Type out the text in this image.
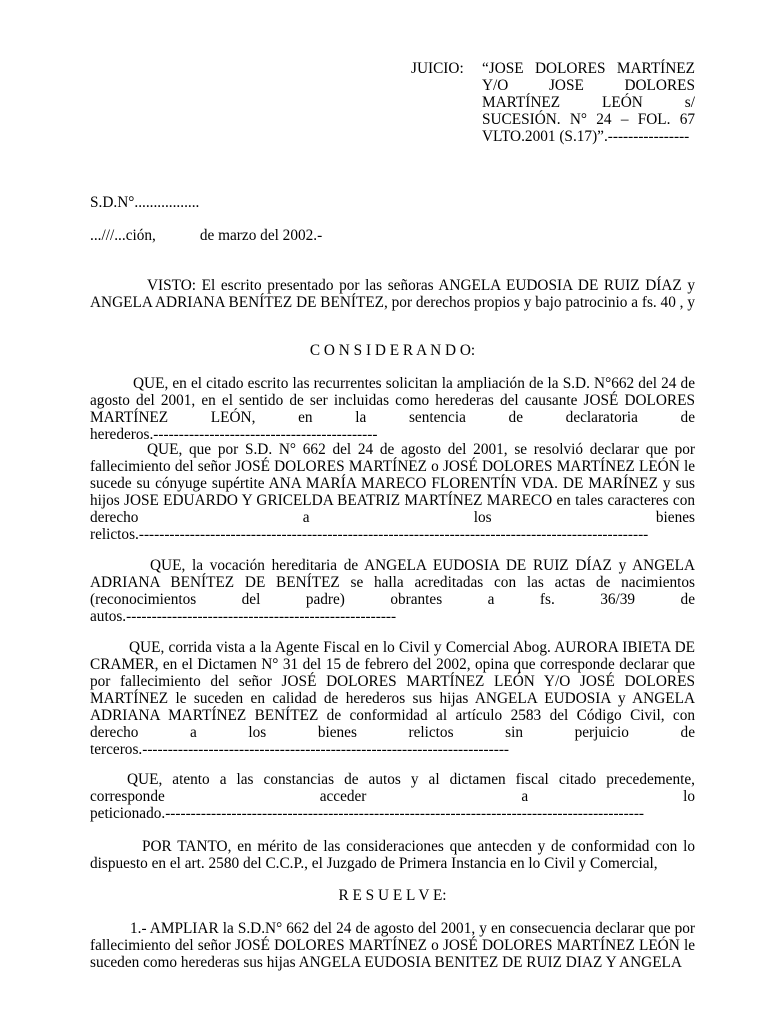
JUICIO: “JOSE DOLORES MARTÍNEZ Y/O JOSE DOLORES MARTÍNEZ LEÓN s/ SUCESIÓN. N° 24 – FOL. 67 VLTO.2001 (S.17)”.----------------
S.D.N°.................
...///...ción,	de marzo del 2002.-
VISTO: El escrito presentado por las señoras ANGELA EUDOSIA DE RUIZ DÍAZ y ANGELA ADRIANA BENÍTEZ DE BENÍTEZ, por derechos propios y bajo patrocinio a fs. 40 , y
C O N S I D E R A N D O:
QUE, en el citado escrito las recurrentes solicitan la ampliación de la S.D. N°662 del 24 de agosto del 2001, en el sentido de ser incluidas como herederas del causante JOSÉ DOLORES MARTÍNEZ LEÓN, en la sentencia de declaratoria de herederos.--------------------------------------------
QUE, que por S.D. N° 662 del 24 de agosto del 2001, se resolvió declarar que por fallecimiento del señor JOSÉ DOLORES MARTÍNEZ o JOSÉ DOLORES MARTÍNEZ LEÓN le sucede su cónyuge supértite ANA MARÍA MARECO FLORENTÍN VDA. DE MARÍNEZ y sus hijos JOSE EDUARDO Y GRICELDA BEATRIZ MARTÍNEZ MARECO en tales caracteres con derecho a los bienes relictos.----------------------------------------------------------------------------------------------------
QUE, la vocación hereditaria de ANGELA EUDOSIA DE RUIZ DÍAZ y ANGELA ADRIANA BENÍTEZ DE BENÍTEZ se halla acreditadas con las actas de nacimientos (reconocimientos del padre) obrantes a fs. 36/39 de autos.-----------------------------------------------------
QUE, corrida vista a la Agente Fiscal en lo Civil y Comercial Abog. AURORA IBIETA DE CRAMER, en el Dictamen N° 31 del 15 de febrero del 2002, opina que corresponde declarar que por fallecimiento del señor JOSÉ DOLORES MARTÍNEZ LEÓN Y/O JOSÉ DOLORES MARTÍNEZ le suceden en calidad de herederos sus hijas ANGELA EUDOSIA y ANGELA ADRIANA MARTÍNEZ BENÍTEZ de conformidad al artículo 2583 del Código Civil, con derecho a los bienes relictos sin perjuicio de terceros.------------------------------------------------------------------------
QUE, atento a las constancias de autos y al dictamen fiscal citado precedemente, corresponde acceder a lo peticionado.----------------------------------------------------------------------------------------------
POR TANTO, en mérito de las consideraciones que antecden y de conformidad con lo dispuesto en el art. 2580 del C.C.P., el Juzgado de Primera Instancia en lo Civil y Comercial,
R E S U E L V E:
1.- AMPLIAR la S.D.N° 662 del 24 de agosto del 2001, y en consecuencia declarar que por fallecimiento del señor JOSÉ DOLORES MARTÍNEZ o JOSÉ DOLORES MARTÍNEZ LEÓN le suceden como herederas sus hijas ANGELA EUDOSIA BENITEZ DE RUIZ DIAZ Y ANGELA
